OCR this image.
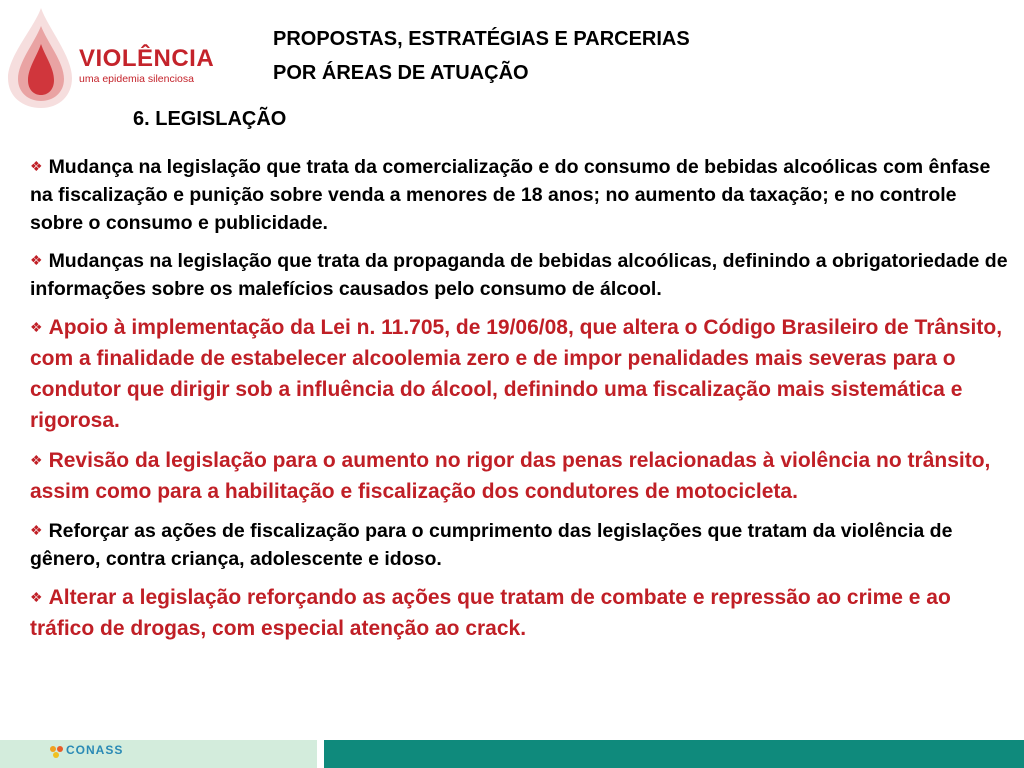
VIOLÊNCIA
uma epidemia silenciosa
PROPOSTAS, ESTRATÉGIAS E PARCERIAS
POR ÁREAS DE ATUAÇÃO
6. LEGISLAÇÃO
❖ Mudança na legislação que trata da comercialização e do consumo de bebidas alcoólicas com ênfase na fiscalização e punição sobre venda a menores de 18 anos; no aumento da taxação; e no controle sobre o consumo e publicidade.
❖ Mudanças na legislação que trata da propaganda de bebidas alcoólicas, definindo a obrigatoriedade de informações sobre os malefícios causados pelo consumo de álcool.
❖ Apoio à implementação da Lei n. 11.705, de 19/06/08, que altera o Código Brasileiro de Trânsito, com a finalidade de estabelecer alcoolemia zero e de impor penalidades mais severas para o condutor que dirigir sob a influência do álcool, definindo uma fiscalização mais sistemática e rigorosa.
❖ Revisão da legislação para o aumento no rigor das penas relacionadas à violência no trânsito, assim como para a habilitação e fiscalização dos condutores de motocicleta.
❖ Reforçar as ações de fiscalização para o cumprimento das legislações que tratam da violência de gênero, contra criança, adolescente e idoso.
❖ Alterar a legislação reforçando as ações que tratam de combate e repressão ao crime e ao tráfico de drogas, com especial atenção ao crack.
CONASS
